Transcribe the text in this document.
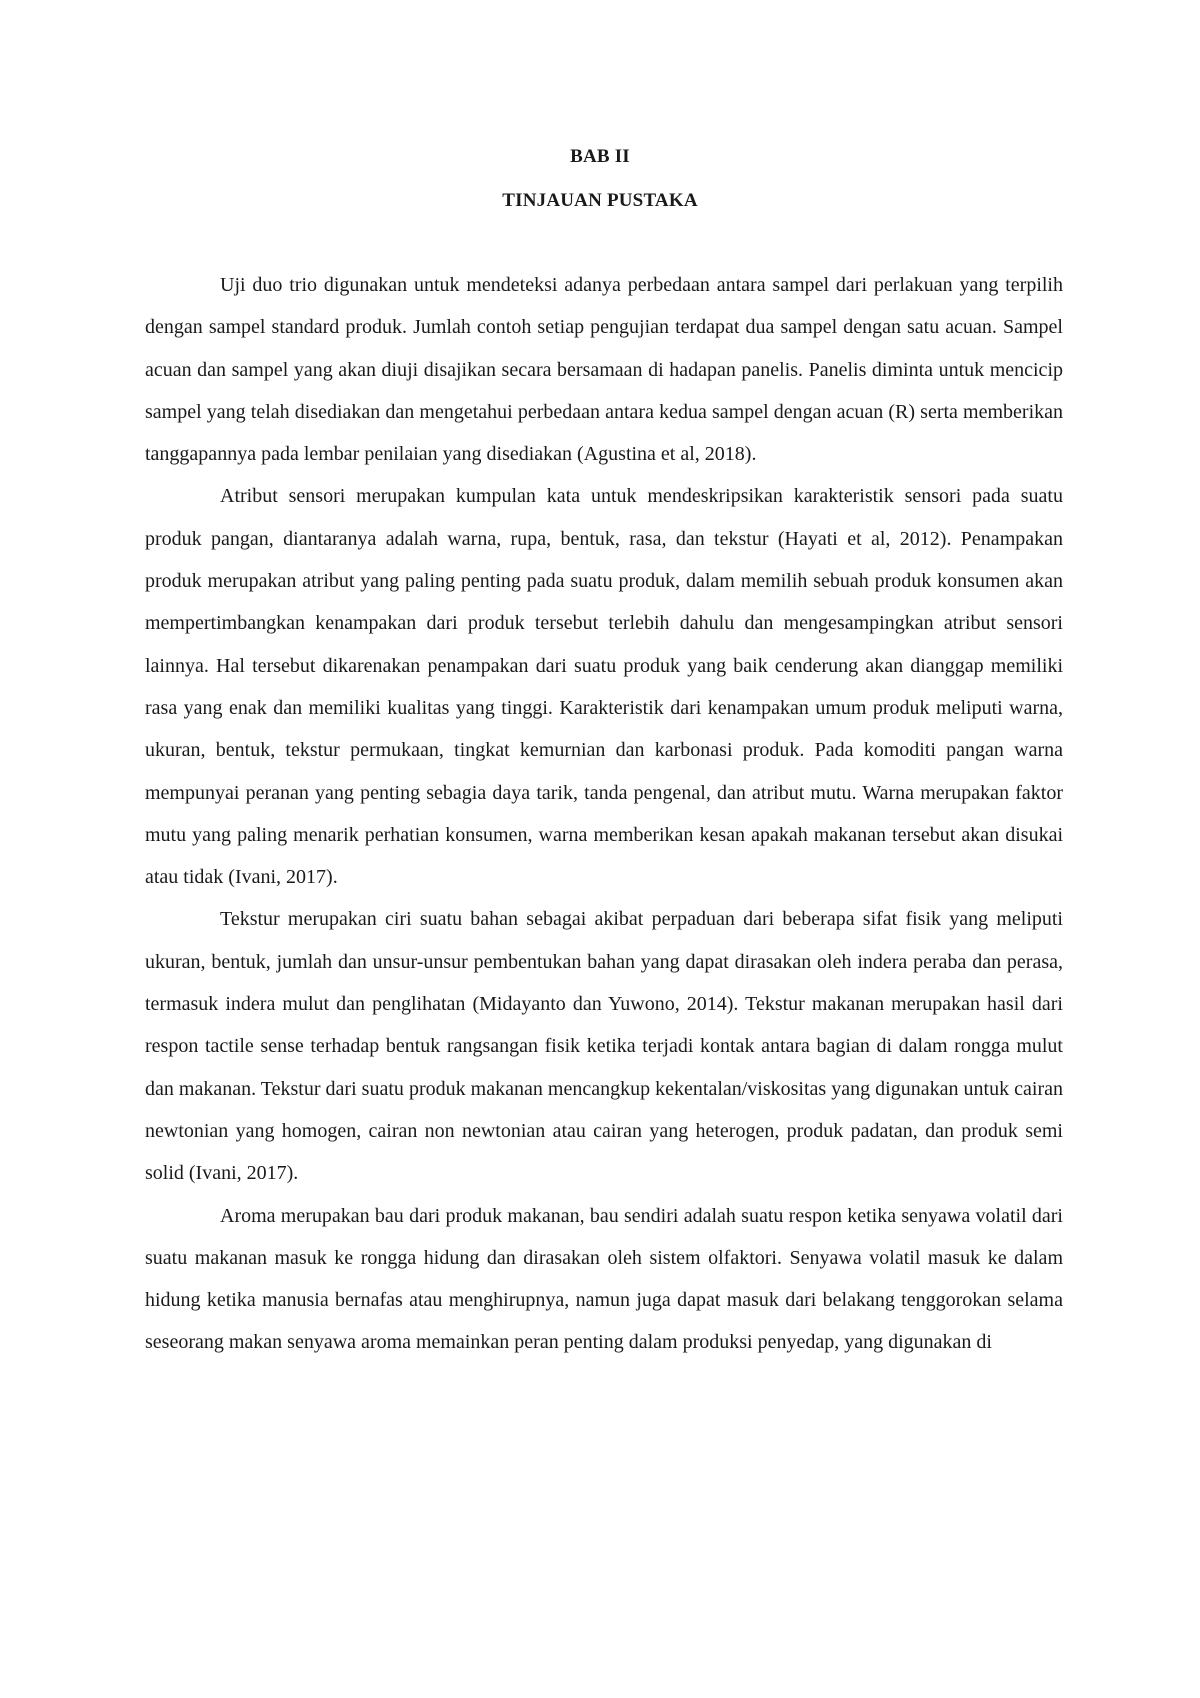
BAB II
TINJAUAN PUSTAKA

Uji duo trio digunakan untuk mendeteksi adanya perbedaan antara sampel dari perlakuan yang terpilih dengan sampel standard produk. Jumlah contoh setiap pengujian terdapat dua sampel dengan satu acuan. Sampel acuan dan sampel yang akan diuji disajikan secara bersamaan di hadapan panelis. Panelis diminta untuk mencicip sampel yang telah disediakan dan mengetahui perbedaan antara kedua sampel dengan acuan (R) serta memberikan tanggapannya pada lembar penilaian yang disediakan (Agustina et al, 2018).

Atribut sensori merupakan kumpulan kata untuk mendeskripsikan karakteristik sensori pada suatu produk pangan, diantaranya adalah warna, rupa, bentuk, rasa, dan tekstur (Hayati et al, 2012). Penampakan produk merupakan atribut yang paling penting pada suatu produk, dalam memilih sebuah produk konsumen akan mempertimbangkan kenampakan dari produk tersebut terlebih dahulu dan mengesampingkan atribut sensori lainnya. Hal tersebut dikarenakan penampakan dari suatu produk yang baik cenderung akan dianggap memiliki rasa yang enak dan memiliki kualitas yang tinggi. Karakteristik dari kenampakan umum produk meliputi warna, ukuran, bentuk, tekstur permukaan, tingkat kemurnian dan karbonasi produk. Pada komoditi pangan warna mempunyai peranan yang penting sebagia daya tarik, tanda pengenal, dan atribut mutu. Warna merupakan faktor mutu yang paling menarik perhatian konsumen, warna memberikan kesan apakah makanan tersebut akan disukai atau tidak (Ivani, 2017).

Tekstur merupakan ciri suatu bahan sebagai akibat perpaduan dari beberapa sifat fisik yang meliputi ukuran, bentuk, jumlah dan unsur-unsur pembentukan bahan yang dapat dirasakan oleh indera peraba dan perasa, termasuk indera mulut dan penglihatan (Midayanto dan Yuwono, 2014). Tekstur makanan merupakan hasil dari respon tactile sense terhadap bentuk rangsangan fisik ketika terjadi kontak antara bagian di dalam rongga mulut dan makanan. Tekstur dari suatu produk makanan mencangkup kekentalan/viskositas yang digunakan untuk cairan newtonian yang homogen, cairan non newtonian atau cairan yang heterogen, produk padatan, dan produk semi solid (Ivani, 2017).

Aroma merupakan bau dari produk makanan, bau sendiri adalah suatu respon ketika senyawa volatil dari suatu makanan masuk ke rongga hidung dan dirasakan oleh sistem olfaktori. Senyawa volatil masuk ke dalam hidung ketika manusia bernafas atau menghirupnya, namun juga dapat masuk dari belakang tenggorokan selama seseorang makan senyawa aroma memainkan peran penting dalam produksi penyedap, yang digunakan di
